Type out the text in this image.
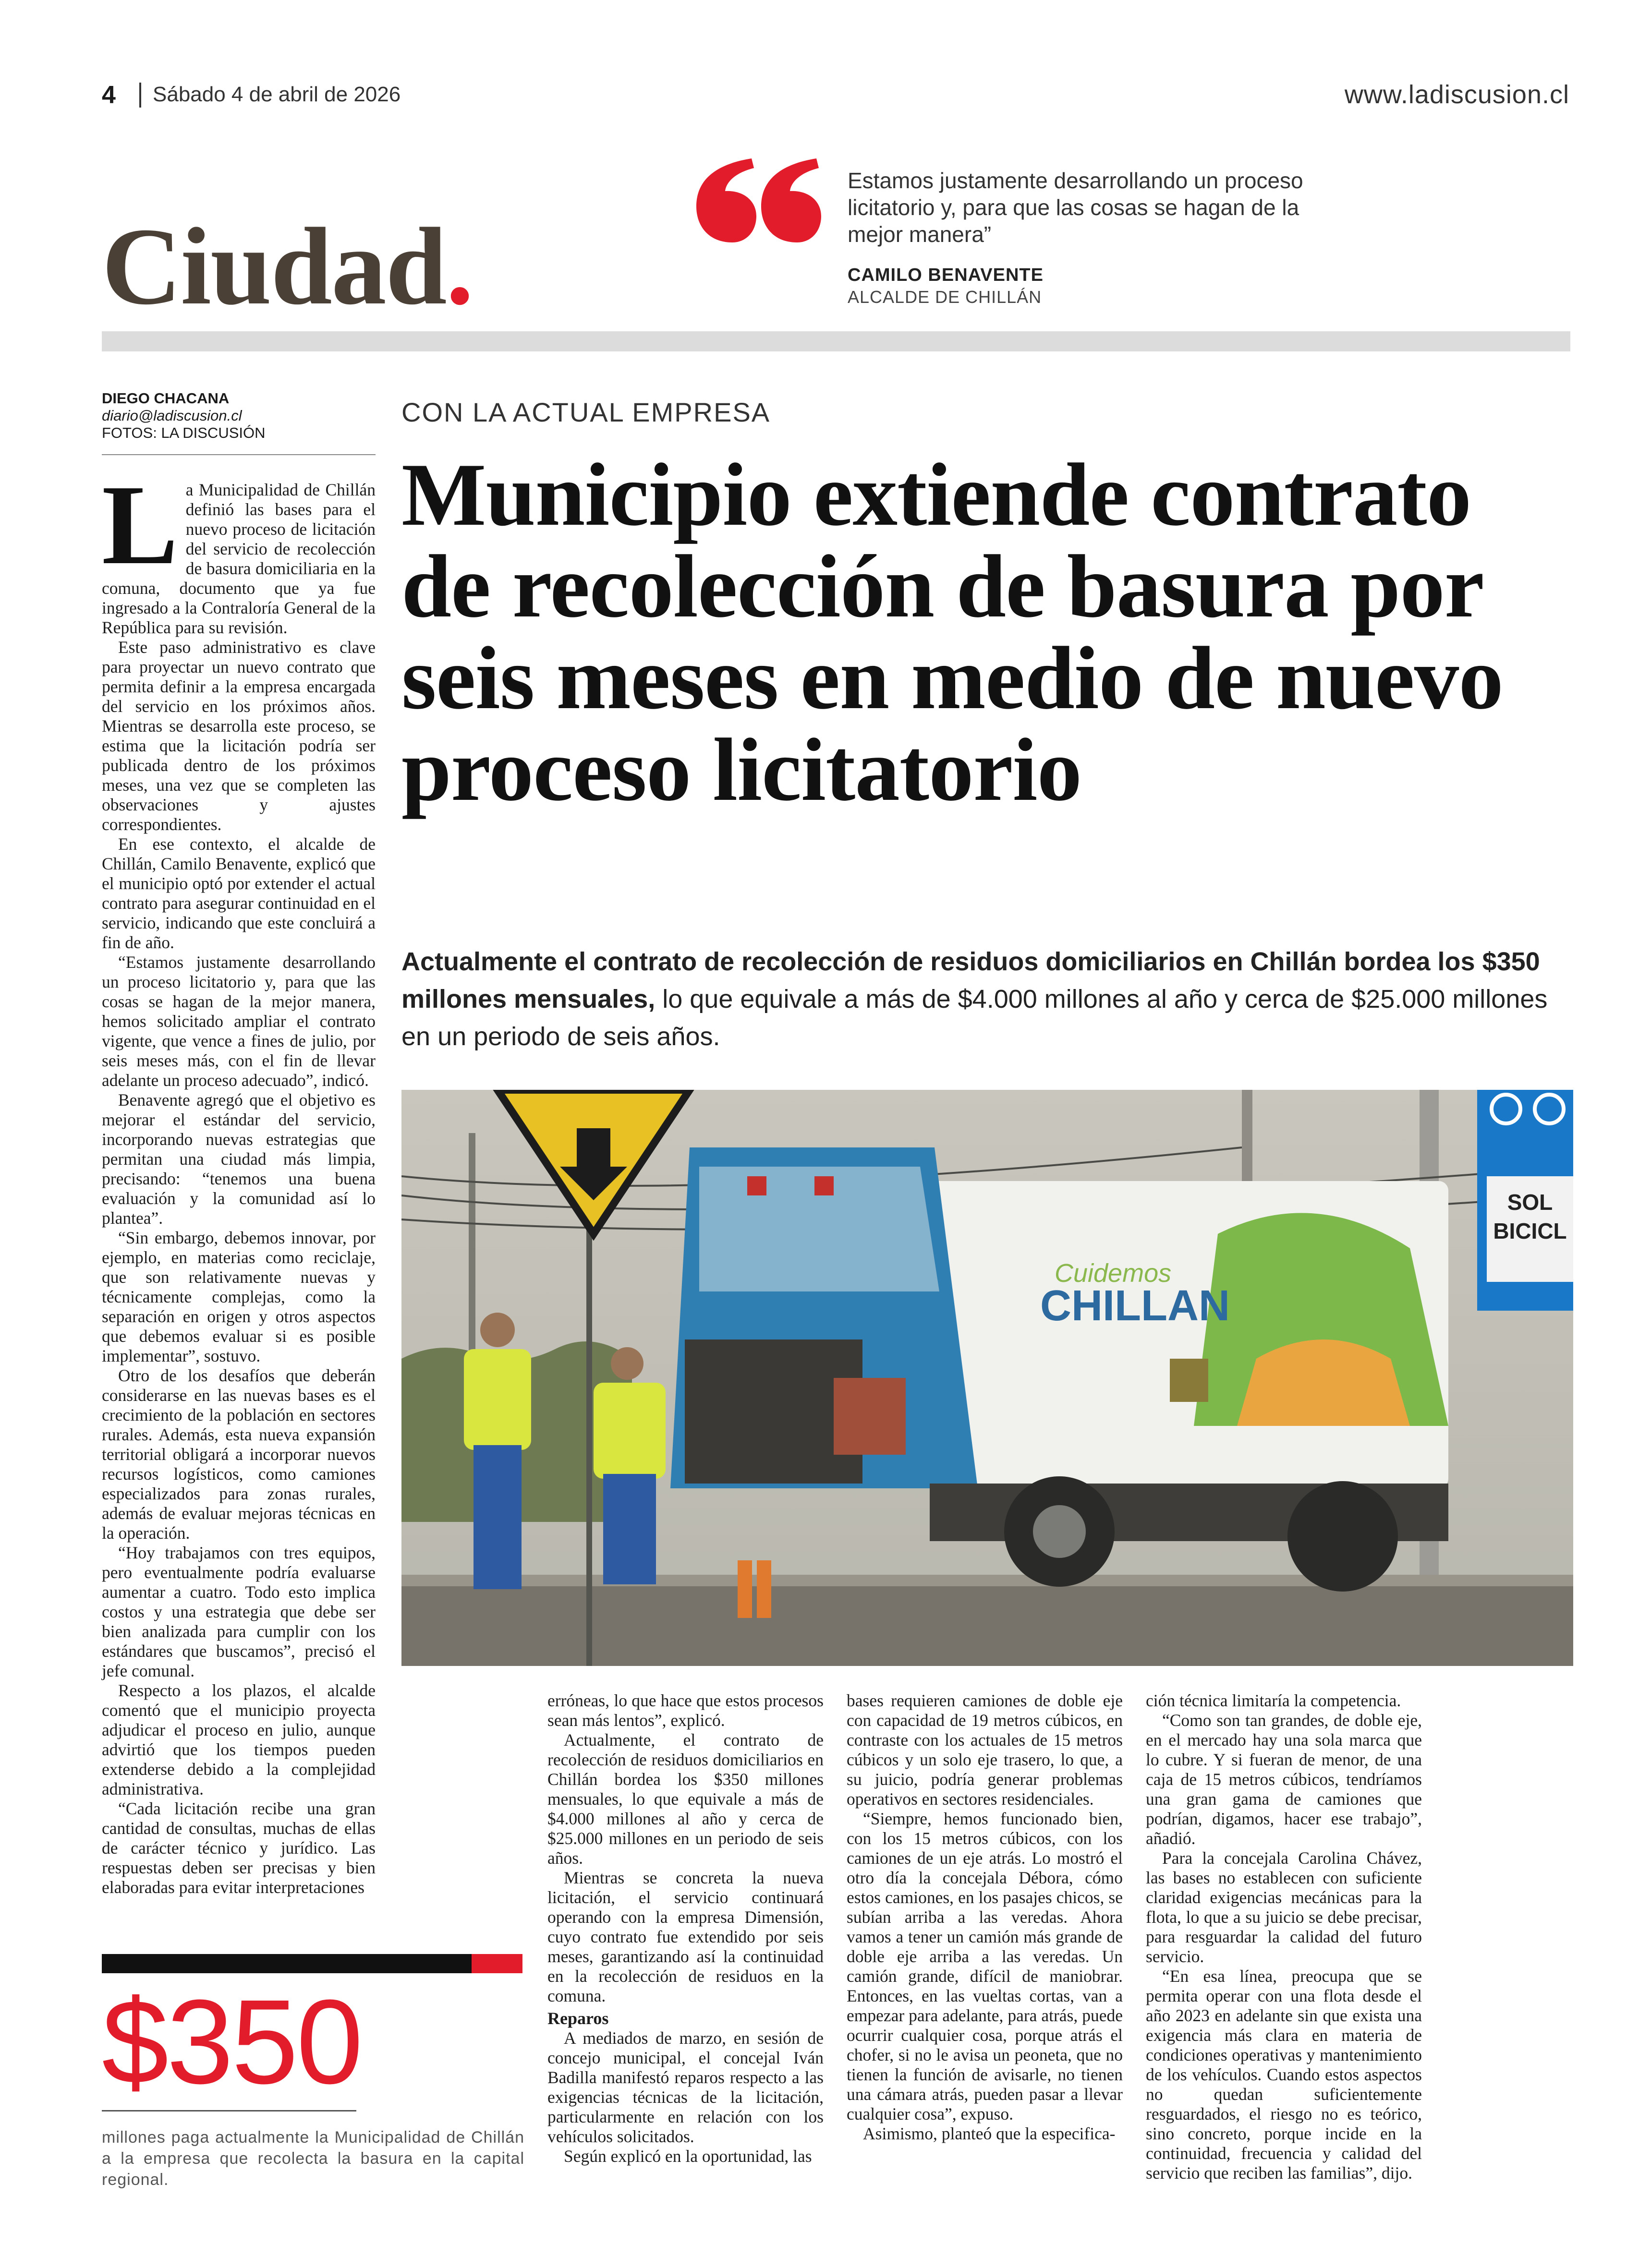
4 Sábado 4 de abril de 2026	www.ladiscusion.cl
Ciudad.
Estamos justamente desarrollando un proceso licitatorio y, para que las cosas se hagan de la mejor manera”
CAMILO BENAVENTE
ALCALDE DE CHILLÁN
DIEGO CHACANA
diario@ladiscusion.cl
FOTOS: LA DISCUSIÓN
CON LA ACTUAL EMPRESA
Municipio extiende contrato de recolección de basura por seis meses en medio de nuevo proceso licitatorio
Actualmente el contrato de recolección de residuos domiciliarios en Chillán bordea los $350 millones mensuales, lo que equivale a más de $4.000 millones al año y cerca de $25.000 millones en un periodo de seis años.
SOL
BICICL
Cuidemos
CHILLAN
L a Municipalidad de Chillán definió las bases para el nuevo proceso de licitación del servicio de recolección de basura domiciliaria en la comuna, documento que ya fue ingresado a la Contraloría General de la República para su revisión.

Este paso administrativo es clave para proyectar un nuevo contrato que permita definir a la empresa encargada del servicio en los próximos años. Mientras se desarrolla este proceso, se estima que la licitación podría ser publicada dentro de los próximos meses, una vez que se completen las observaciones y ajustes correspondientes.

En ese contexto, el alcalde de Chillán, Camilo Benavente, explicó que el municipio optó por extender el actual contrato para asegurar continuidad en el servicio, indicando que este concluirá a fin de año.

“Estamos justamente desarrollando un proceso licitatorio y, para que las cosas se hagan de la mejor manera, hemos solicitado ampliar el contrato vigente, que vence a fines de julio, por seis meses más, con el fin de llevar adelante un proceso adecuado”, indicó.

Benavente agregó que el objetivo es mejorar el estándar del servicio, incorporando nuevas estrategias que permitan una ciudad más limpia, precisando: “tenemos una buena evaluación y la comunidad así lo plantea”.

“Sin embargo, debemos innovar, por ejemplo, en materias como reciclaje, que son relativamente nuevas y técnicamente complejas, como la separación en origen y otros aspectos que debemos evaluar si es posible implementar”, sostuvo.

Otro de los desafíos que deberán considerarse en las nuevas bases es el crecimiento de la población en sectores rurales. Además, esta nueva expansión territorial obligará a incorporar nuevos recursos logísticos, como camiones especializados para zonas rurales, además de evaluar mejoras técnicas en la operación.

“Hoy trabajamos con tres equipos, pero eventualmente podría evaluarse aumentar a cuatro. Todo esto implica costos y una estrategia que debe ser bien analizada para cumplir con los estándares que buscamos”, precisó el jefe comunal.

Respecto a los plazos, el alcalde comentó que el municipio proyecta adjudicar el proceso en julio, aunque advirtió que los tiempos pueden extenderse debido a la complejidad administrativa.

“Cada licitación recibe una gran cantidad de consultas, muchas de ellas de carácter técnico y jurídico. Las respuestas deben ser precisas y bien elaboradas para evitar interpretaciones

erróneas, lo que hace que estos procesos sean más lentos”, explicó.

Actualmente, el contrato de recolección de residuos domiciliarios en Chillán bordea los $350 millones mensuales, lo que equivale a más de $4.000 millones al año y cerca de $25.000 millones en un periodo de seis años.

Mientras se concreta la nueva licitación, el servicio continuará operando con la empresa Dimensión, cuyo contrato fue extendido por seis meses, garantizando así la continuidad en la recolección de residuos en la comuna.

Reparos

A mediados de marzo, en sesión de concejo municipal, el concejal Iván Badilla manifestó reparos respecto a las exigencias técnicas de la licitación, particularmente en relación con los vehículos solicitados.

Según explicó en la oportunidad, las

bases requieren camiones de doble eje con capacidad de 19 metros cúbicos, en contraste con los actuales de 15 metros cúbicos y un solo eje trasero, lo que, a su juicio, podría generar problemas operativos en sectores residenciales.

“Siempre, hemos funcionado bien, con los 15 metros cúbicos, con los camiones de un eje atrás. Lo mostró el otro día la concejala Débora, cómo estos camiones, en los pasajes chicos, se subían arriba a las veredas. Ahora vamos a tener un camión más grande de doble eje arriba a las veredas. Un camión grande, difícil de maniobrar. Entonces, en las vueltas cortas, van a empezar para adelante, para atrás, puede ocurrir cualquier cosa, porque atrás el chofer, si no le avisa un peoneta, que no tienen la función de avisarle, no tienen una cámara atrás, pueden pasar a llevar cualquier cosa”, expuso.

Asimismo, planteó que la especifica-

ción técnica limitaría la competencia.

“Como son tan grandes, de doble eje, en el mercado hay una sola marca que lo cubre. Y si fueran de menor, de una caja de 15 metros cúbicos, tendríamos una gran gama de camiones que podrían, digamos, hacer ese trabajo”, añadió.

Para la concejala Carolina Chávez, las bases no establecen con suficiente claridad exigencias mecánicas para la flota, lo que a su juicio se debe precisar, para resguardar la calidad del futuro servicio.

“En esa línea, preocupa que se permita operar con una flota desde el año 2023 en adelante sin que exista una exigencia más clara en materia de condiciones operativas y mantenimiento de los vehículos. Cuando estos aspectos no quedan suficientemente resguardados, el riesgo no es teórico, sino concreto, porque incide en la continuidad, frecuencia y calidad del servicio que reciben las familias”, dijo.

$350
millones paga actualmente la Municipalidad de Chillán a la empresa que recolecta la basura en la capital regional.
